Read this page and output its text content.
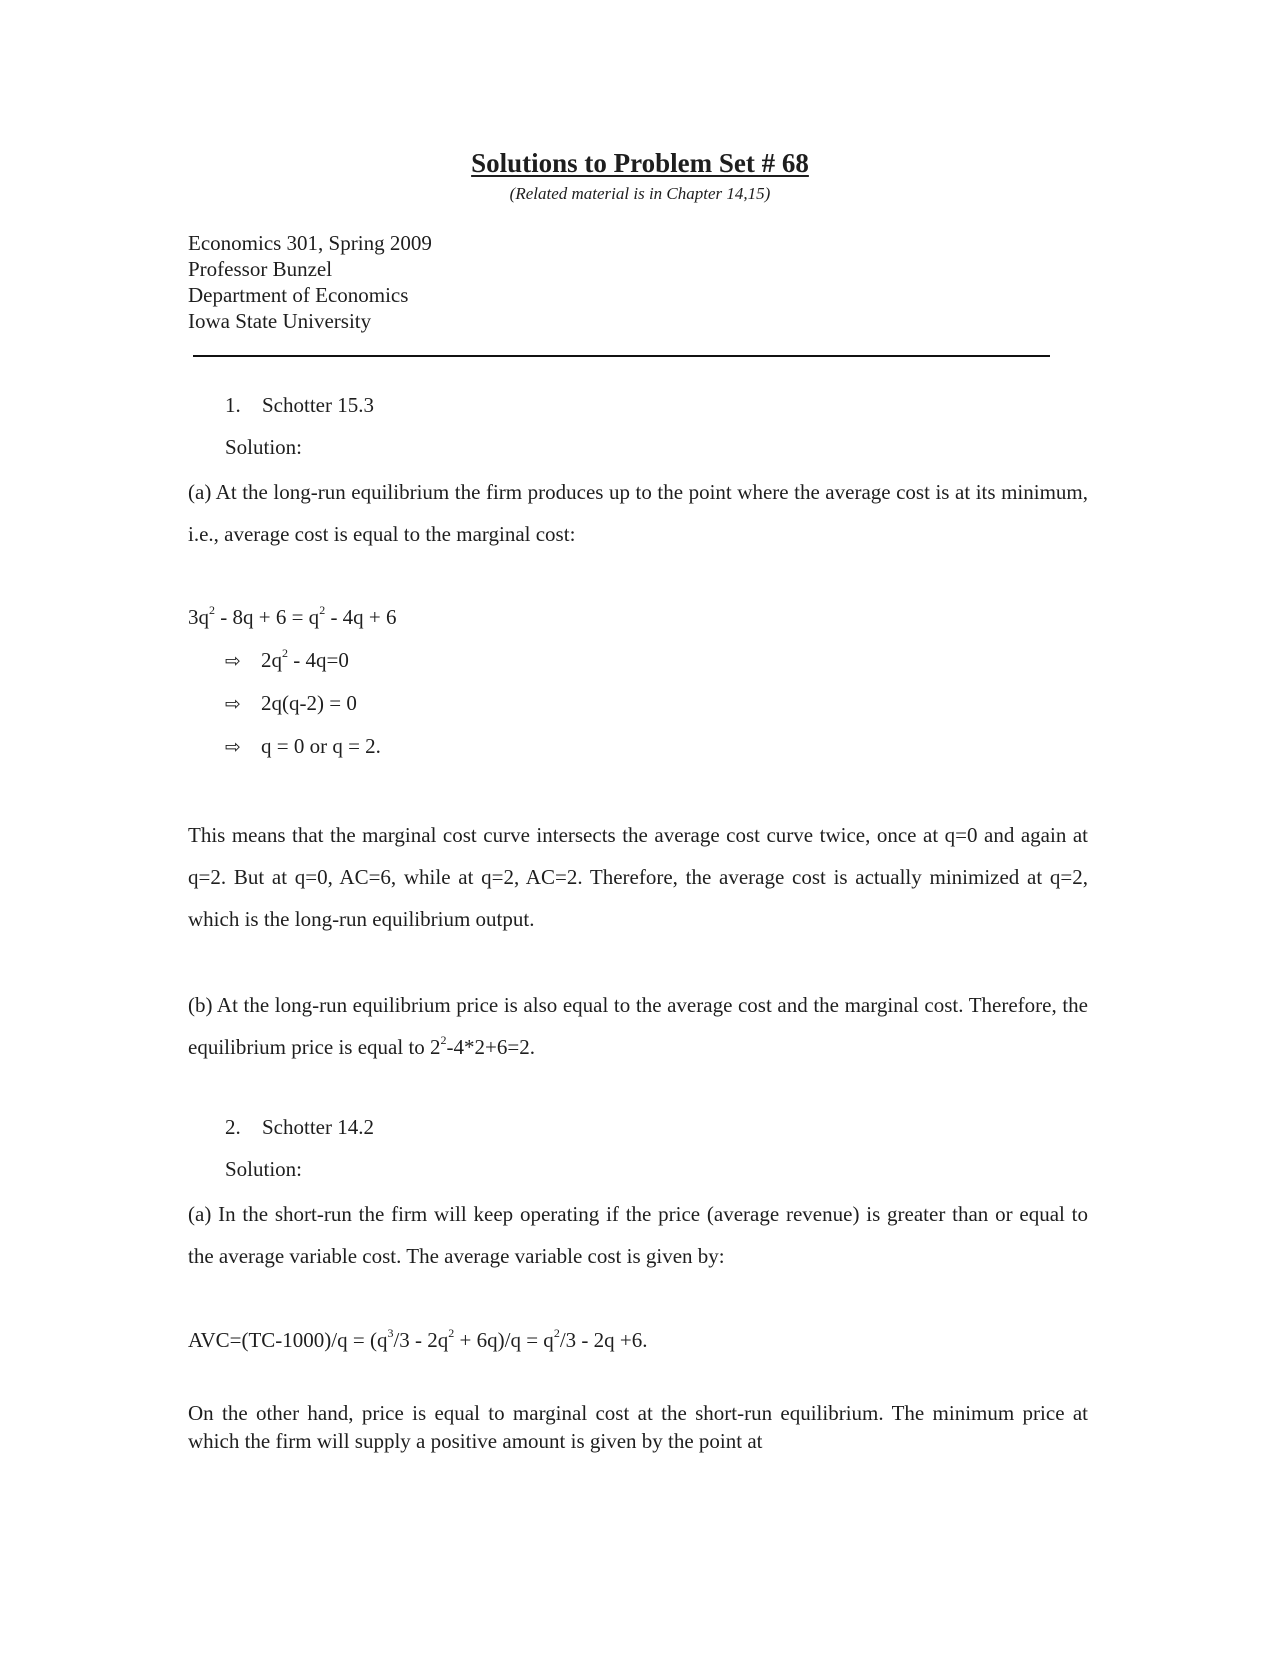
Solutions to Problem Set # 68
(Related material is in Chapter 14,15)
Economics 301, Spring 2009
Professor Bunzel
Department of Economics
Iowa State University
1. Schotter 15.3
Solution:
(a) At the long-run equilibrium the firm produces up to the point where the average cost is at its minimum, i.e., average cost is equal to the marginal cost:
$3q^2 - 8q + 6 = q^2 - 4q + 6$
⇨ $2q^2 - 4q=0$
⇨ 2q(q-2) = 0
⇨ q = 0 or q = 2.
This means that the marginal cost curve intersects the average cost curve twice, once at q=0 and again at q=2. But at q=0, AC=6, while at q=2, AC=2. Therefore, the average cost is actually minimized at q=2, which is the long-run equilibrium output.
(b) At the long-run equilibrium price is also equal to the average cost and the marginal cost. Therefore, the equilibrium price is equal to $2^2-4*2+6=2$.
2. Schotter 14.2
Solution:
(a) In the short-run the firm will keep operating if the price (average revenue) is greater than or equal to the average variable cost. The average variable cost is given by:
$AVC=(TC-1000)/q = (q^3/3 - 2q^2 + 6q)/q = q^2/3 - 2q +6$.
On the other hand, price is equal to marginal cost at the short-run equilibrium. The minimum price at which the firm will supply a positive amount is given by the point at
